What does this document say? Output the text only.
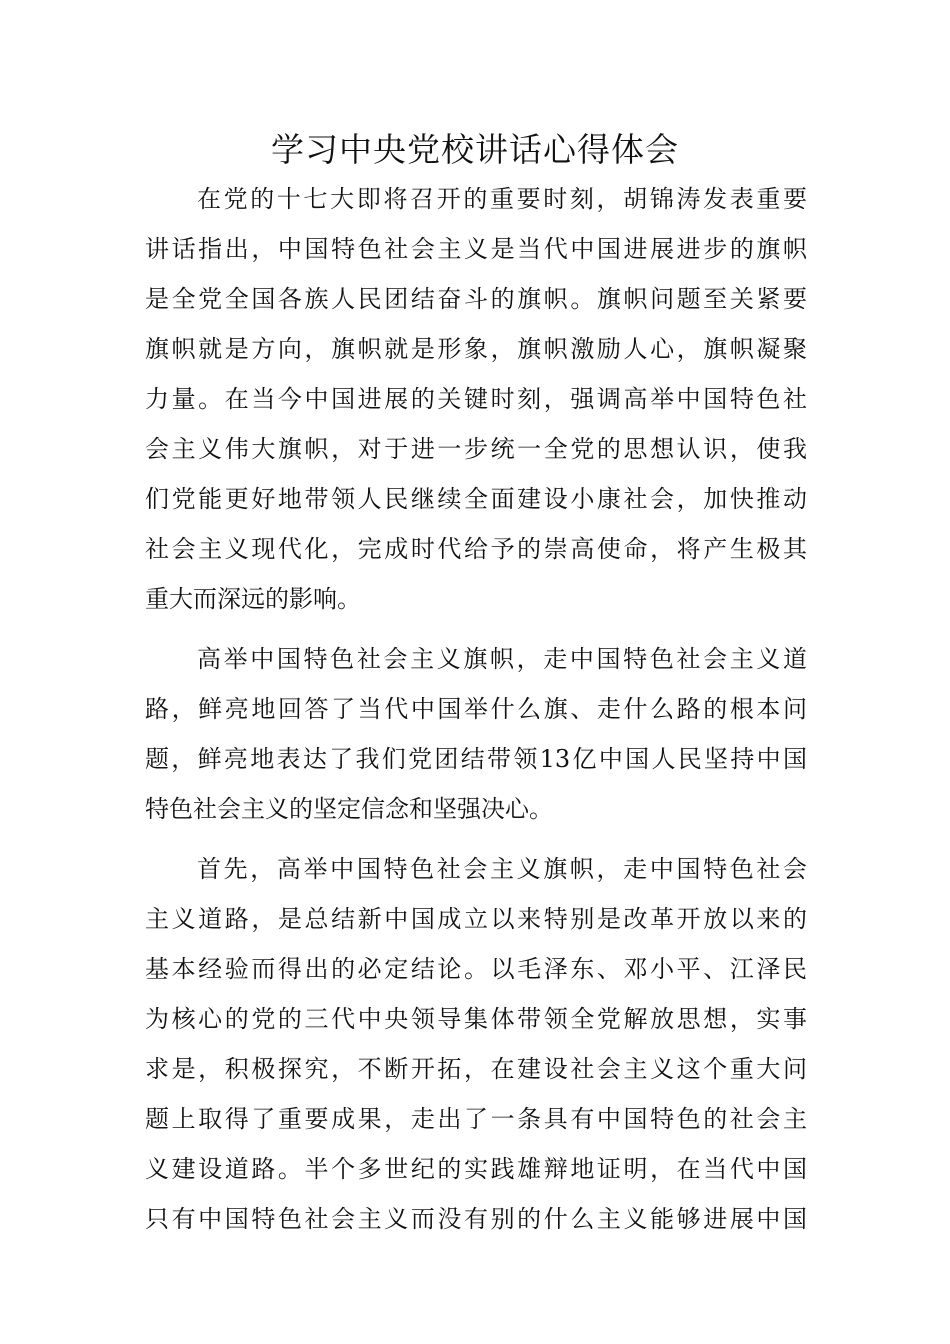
学习中央党校讲话心得体会
在党的十七大即将召开的重要时刻，胡锦涛发表重要
讲话指出，中国特色社会主义是当代中国进展进步的旗帜
是全党全国各族人民团结奋斗的旗帜。旗帜问题至关紧要
旗帜就是方向，旗帜就是形象，旗帜激励人心，旗帜凝聚
力量。在当今中国进展的关键时刻，强调高举中国特色社
会主义伟大旗帜，对于进一步统一全党的思想认识，使我
们党能更好地带领人民继续全面建设小康社会，加快推动
社会主义现代化，完成时代给予的崇高使命，将产生极其
重大而深远的影响。
高举中国特色社会主义旗帜，走中国特色社会主义道
路，鲜亮地回答了当代中国举什么旗、走什么路的根本问
题，鲜亮地表达了我们党团结带领13亿中国人民坚持中国
特色社会主义的坚定信念和坚强决心。
首先，高举中国特色社会主义旗帜，走中国特色社会
主义道路，是总结新中国成立以来特别是改革开放以来的
基本经验而得出的必定结论。以毛泽东、邓小平、江泽民
为核心的党的三代中央领导集体带领全党解放思想，实事
求是，积极探究，不断开拓，在建设社会主义这个重大问
题上取得了重要成果，走出了一条具有中国特色的社会主
义建设道路。半个多世纪的实践雄辩地证明，在当代中国
只有中国特色社会主义而没有别的什么主义能够进展中国
